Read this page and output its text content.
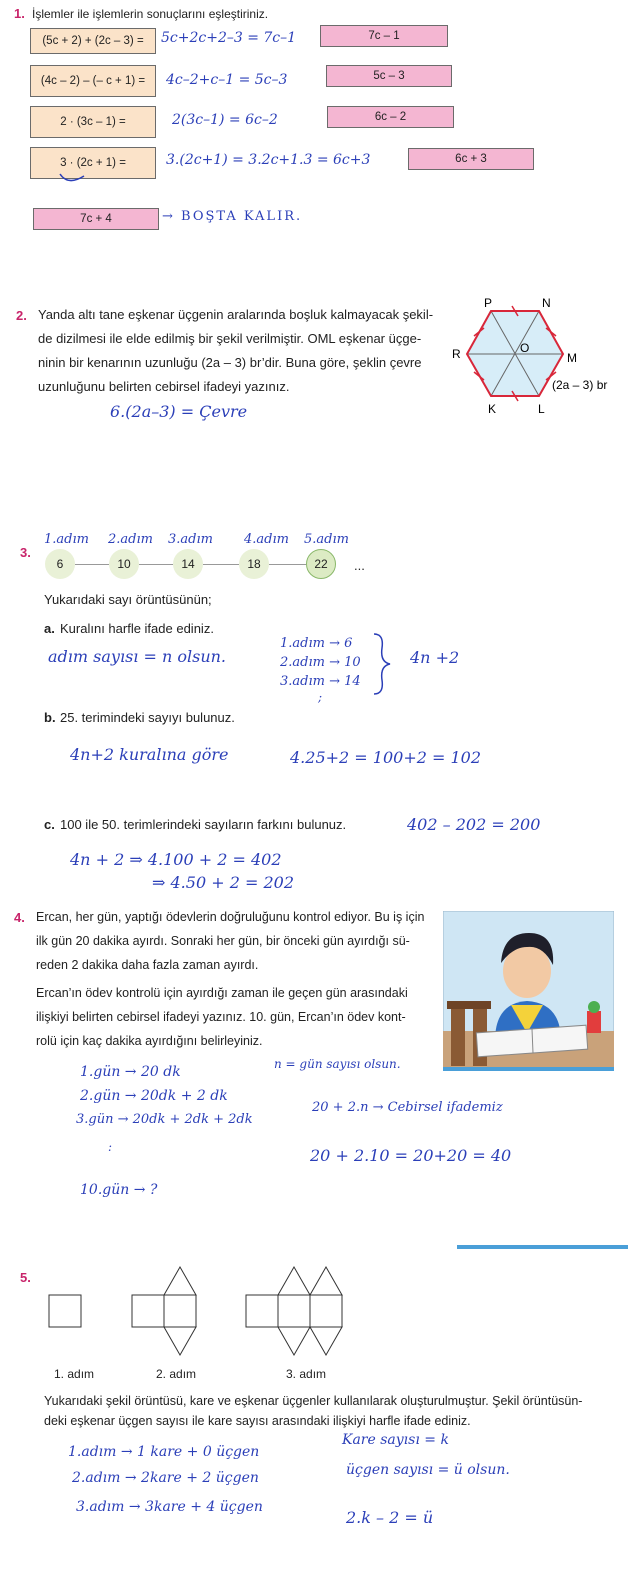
1. İşlemler ile işlemlerin sonuçlarını eşleştiriniz.
(5c + 2) + (2c – 3) =
(4c – 2) – (– c + 1) =
2 · (3c – 1) =
3 · (2c + 1) =
5c+2c+2–3 = 7c–1
4c–2+c–1 = 5c–3
2(3c–1) = 6c–2
3.(2c+1) = 3.2c+1.3 = 6c+3
7c – 1
5c – 3
6c – 2
6c + 3
7c + 4	→ BOŞTA KALIR.
2. Yanda altı tane eşkenar üçgenin aralarında boşluk kalmayacak şekil-
de dizilmesi ile elde edilmiş bir şekil verilmiştir. OML eşkenar üçge-
ninin bir kenarının uzunluğu (2a – 3) br’dir. Buna göre, şeklin çevre
uzunluğunu belirten cebirsel ifadeyi yazınız.
6.(2a–3) = Çevre
P	N
R	O
M
K	L
(2a – 3) br
3.
1.adım 2.adım 3.adım 4.adım 5.adım
6	10	14	18	22	...
Yukarıdaki sayı örüntüsünün;
a. Kuralını harfle ifade ediniz.
adım sayısı = n olsun.
1.adım → 6
2.adım → 10
3.adım → 14
;
4n +2
b. 25. terimindeki sayıyı bulunuz.
4n+2 kuralına göre	4.25+2 = 100+2 = 102
c. 100 ile 50. terimlerindeki sayıların farkını bulunuz.	402 – 202 = 200
4n + 2 ⇒ 4.100 + 2 = 402
⇒ 4.50 + 2 = 202
4. Ercan, her gün, yaptığı ödevlerin doğruluğunu kontrol ediyor. Bu iş için
ilk gün 20 dakika ayırdı. Sonraki her gün, bir önceki gün ayırdığı sü-
reden 2 dakika daha fazla zaman ayırdı.
Ercan’ın ödev kontrolü için ayırdığı zaman ile geçen gün arasındaki
ilişkiyi belirten cebirsel ifadeyi yazınız. 10. gün, Ercan’ın ödev kont-
rolü için kaç dakika ayırdığını belirleyiniz.
1.gün → 20 dk
2.gün → 20dk + 2 dk
3.gün → 20dk + 2dk + 2dk
:
10.gün → ?
n = gün sayısı olsun.
20 + 2.n → Cebirsel ifademiz
20 + 2.10 = 20+20 = 40
5.
1. adım	2. adım	3. adım
Yukarıdaki şekil örüntüsü, kare ve eşkenar üçgenler kullanılarak oluşturulmuştur. Şekil örüntüsün-
deki eşkenar üçgen sayısı ile kare sayısı arasındaki ilişkiyi harfle ifade ediniz.
1.adım → 1 kare + 0 üçgen
2.adım → 2kare + 2 üçgen
3.adım → 3kare + 4 üçgen
Kare sayısı = k
üçgen sayısı = ü olsun.
2.k – 2 = ü
